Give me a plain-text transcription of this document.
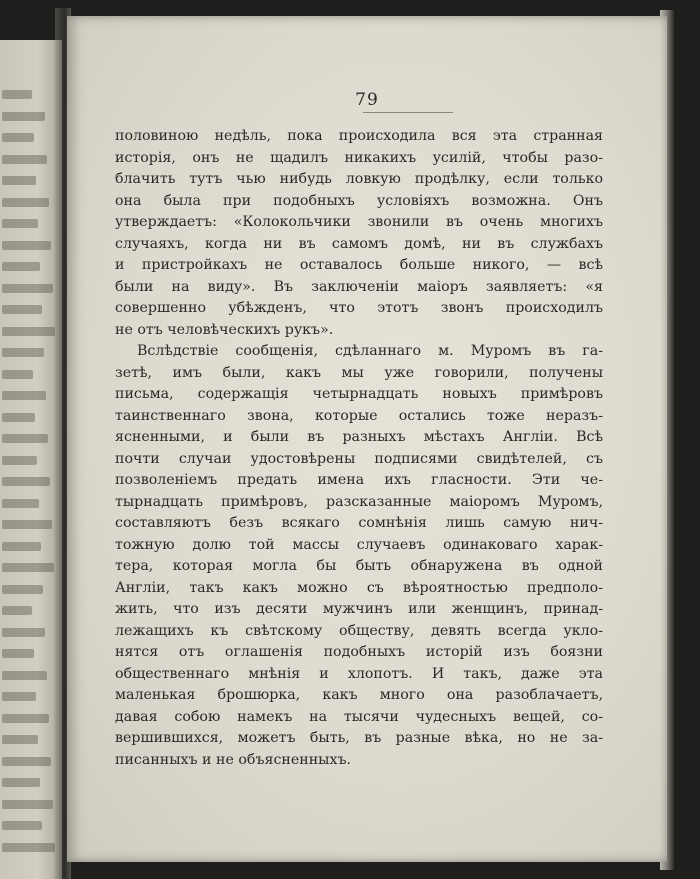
79
половиною недѣль, пока происходила вся эта странная
исторія, онъ не щадилъ никакихъ усилій, чтобы разо-
блачить тутъ чью нибудь ловкую продѣлку, если только
она была при подобныхъ условіяхъ возможна. Онъ
утверждаетъ: «Колокольчики звонили въ очень многихъ
случаяхъ, когда ни въ самомъ домѣ, ни въ службахъ
и пристройкахъ не оставалось больше никого, — всѣ
были на виду». Въ заключеніи маіоръ заявляетъ: «я
совершенно убѣжденъ, что этотъ звонъ происходилъ
не отъ человѣческихъ рукъ».
Вслѣдствіе сообщенія, сдѣланнаго м. Муромъ въ га-
зетѣ, имъ были, какъ мы уже говорили, получены
письма, содержащія четырнадцать новыхъ примѣровъ
таинственнаго звона, которые остались тоже неразъ-
ясненными, и были въ разныхъ мѣстахъ Англіи. Всѣ
почти случаи удостовѣрены подписями свидѣтелей, съ
позволеніемъ предать имена ихъ гласности. Эти че-
тырнадцать примѣровъ, разсказанные маіоромъ Муромъ,
составляютъ безъ всякаго сомнѣнія лишь самую нич-
тожную долю той массы случаевъ одинаковаго харак-
тера, которая могла бы быть обнаружена въ одной
Англіи, такъ какъ можно съ вѣроятностью предполо-
жить, что изъ десяти мужчинъ или женщинъ, принад-
лежащихъ къ свѣтскому обществу, девять всегда укло-
нятся отъ оглашенія подобныхъ исторій изъ боязни
общественнаго мнѣнія и хлопотъ. И такъ, даже эта
маленькая брошюрка, какъ много она разоблачаетъ,
давая собою намекъ на тысячи чудесныхъ вещей, со-
вершившихся, можетъ быть, въ разные вѣка, но не за-
писанныхъ и не объясненныхъ.
